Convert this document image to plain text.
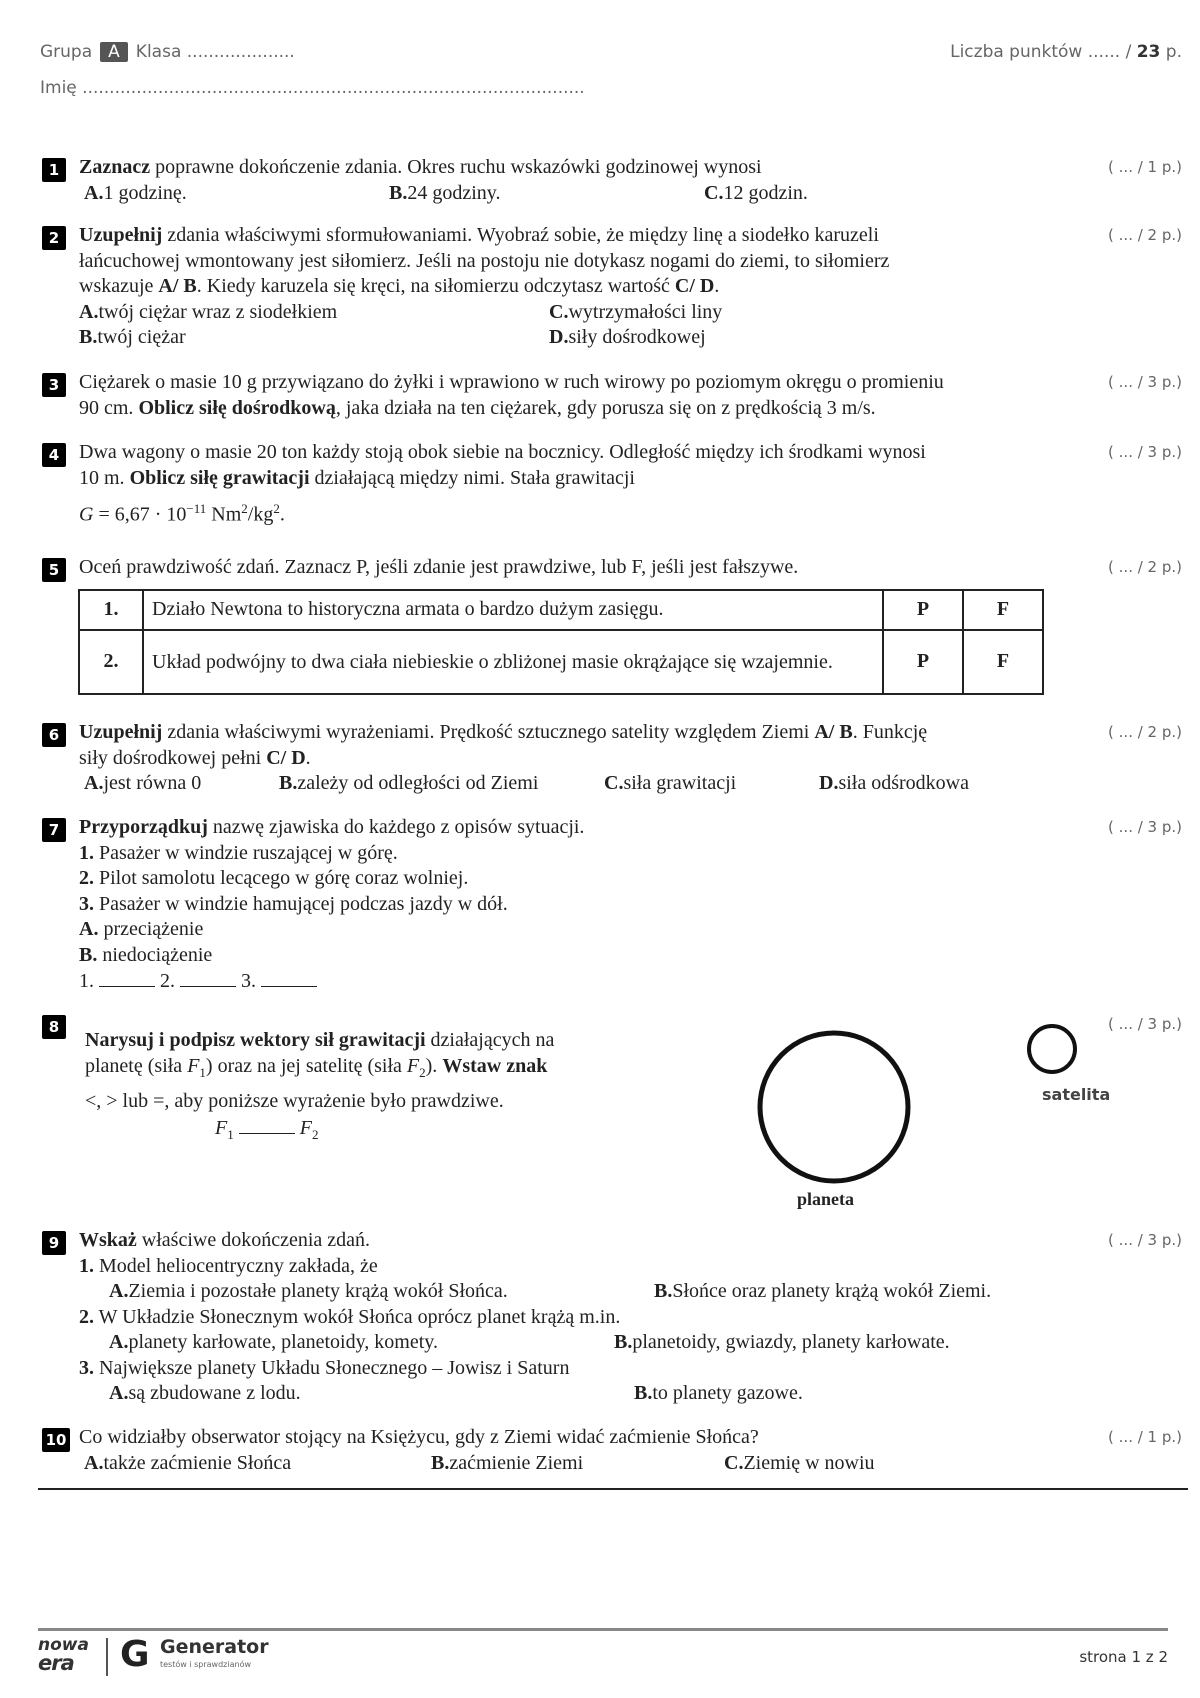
Grupa A Klasa ....................
Imię .............................................................................................
Liczba punktów ...... / 23 p.
1	( ... / 1 p.)
Zaznacz poprawne dokończenie zdania. Okres ruchu wskazówki godzinowej wynosi
A. 1 godzinę.	B. 24 godziny.	C. 12 godzin.
2	( ... / 2 p.)
Uzupełnij zdania właściwymi sformułowaniami. Wyobraź sobie, że między linę a siodełko karuzeli
łańcuchowej wmontowany jest siłomierz. Jeśli na postoju nie dotykasz nogami do ziemi, to siłomierz
wskazuje A/ B. Kiedy karuzela się kręci, na siłomierzu odczytasz wartość C/ D.
A. twój ciężar wraz z siodełkiem	C. wytrzymałości liny
B. twój ciężar	D. siły dośrodkowej
3	( ... / 3 p.)
Ciężarek o masie 10 g przywiązano do żyłki i wprawiono w ruch wirowy po poziomym okręgu o promieniu
90 cm. Oblicz siłę dośrodkową, jaka działa na ten ciężarek, gdy porusza się on z prędkością 3 m/s.
4	( ... / 3 p.)
Dwa wagony o masie 20 ton każdy stoją obok siebie na bocznicy. Odległość między ich środkami wynosi
10 m. Oblicz siłę grawitacji działającą między nimi. Stała grawitacji
$G = 6,67 \cdot 10^{-11}$ $Nm^2/kg^2$.
5	( ... / 2 p.)
Oceń prawdziwość zdań. Zaznacz P, jeśli zdanie jest prawdziwe, lub F, jeśli jest fałszywe.
1.	Działo Newtona to historyczna armata o bardzo dużym zasięgu.	P	F
2.	Układ podwójny to dwa ciała niebieskie o zbliżonej masie okrążające się wzajemnie.	P	F
6	( ... / 2 p.)
Uzupełnij zdania właściwymi wyrażeniami. Prędkość sztucznego satelity względem Ziemi A/ B. Funkcję
siły dośrodkowej pełni C/ D.
A. jest równa 0	B. zależy od odległości od Ziemi	C. siła grawitacji	D. siła odśrodkowa
7	( ... / 3 p.)
Przyporządkuj nazwę zjawiska do każdego z opisów sytuacji.
1. Pasażer w windzie ruszającej w górę.
2. Pilot samolotu lecącego w górę coraz wolniej.
3. Pasażer w windzie hamującej podczas jazdy w dół.
A. przeciążenie
B. niedociążenie
1.	2.	3.
8	( ... / 3 p.)
Narysuj i podpisz wektory sił grawitacji działających na
planetę (siła $F_1$) oraz na jej satelitę (siła $F_2$). Wstaw znak
<, > lub =, aby poniższe wyrażenie było prawdziwe.
$F_1$	$F_2$
planeta
satelita
9	( ... / 3 p.)
Wskaż właściwe dokończenia zdań.
1. Model heliocentryczny zakłada, że
A. Ziemia i pozostałe planety krążą wokół Słońca.	B. Słońce oraz planety krążą wokół Ziemi.
2. W Układzie Słonecznym wokół Słońca oprócz planet krążą m.in.
A. planety karłowate, planetoidy, komety.	B. planetoidy, gwiazdy, planety karłowate.
3. Największe planety Układu Słonecznego – Jowisz i Saturn
A. są zbudowane z lodu.	B. to planety gazowe.
10	( ... / 1 p.)
Co widziałby obserwator stojący na Księżycu, gdy z Ziemi widać zaćmienie Słońca?
A. także zaćmienie Słońca	B. zaćmienie Ziemi	C. Ziemię w nowiu
nowa
era	G Generator
testów i sprawdzianów	strona 1 z 2
